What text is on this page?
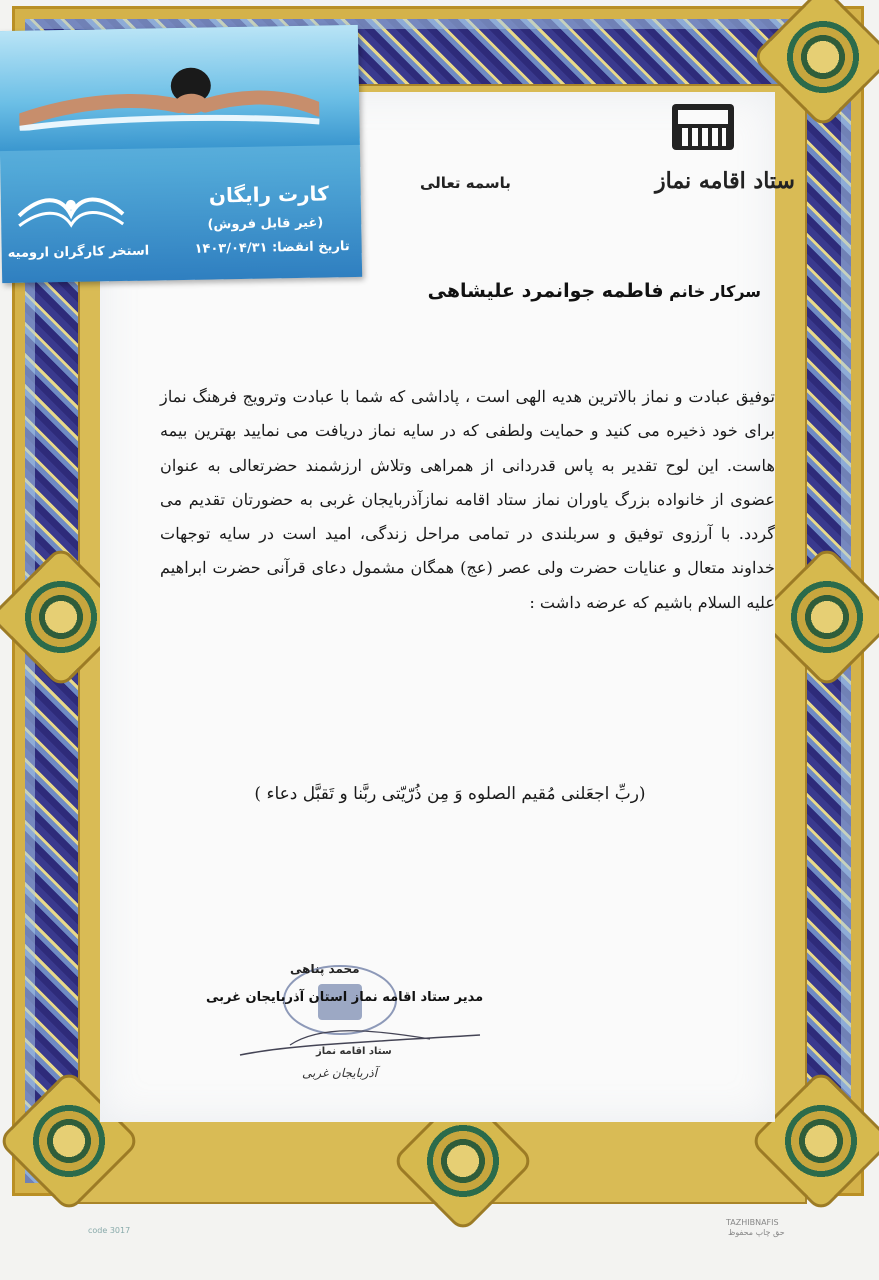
ستاد اقامه نماز
باسمه تعالی
سرکار خانم فاطمه جوانمرد علیشاهی
توفیق عبادت و نماز بالاترین هدیه الهی است ، پاداشی که شما با عبادت وترویج فرهنگ نماز برای خود ذخیره می کنید و حمایت ولطفی که در سایه نماز دریافت می نمایید بهترین بیمه هاست. این لوح تقدیر به پاس قدردانی از همراهی وتلاش ارزشمند حضرتعالی به عنوان عضوی از خانواده بزرگ یاوران نماز ستاد اقامه نمازآذربایجان غربی به حضورتان تقدیم می گردد. با آرزوی توفیق و سربلندی در تمامی مراحل زندگی، امید است در سایه توجهات خداوند متعال و عنایات حضرت ولی عصر (عج) همگان مشمول دعای قرآنی حضرت ابراهیم علیه السلام باشیم که عرضه داشت :
(ربِّ اجعَلنی مُقیم الصلوه وَ مِن ذُرّیّتی ربَّنا و تَقبَّل دعاء )
محمد پناهی
مدیر ستاد اقامه نماز استان آذربایجان غربی
ستاد اقامه نماز
آذربایجان غربی
کارت رایگان
(غیر قابل فروش)
تاریخ انقضا: ۱۴۰۳/۰۴/۳۱
استخر کارگران ارومیه
code 3017
TAZHIBNAFIS
حق چاپ محفوظ
